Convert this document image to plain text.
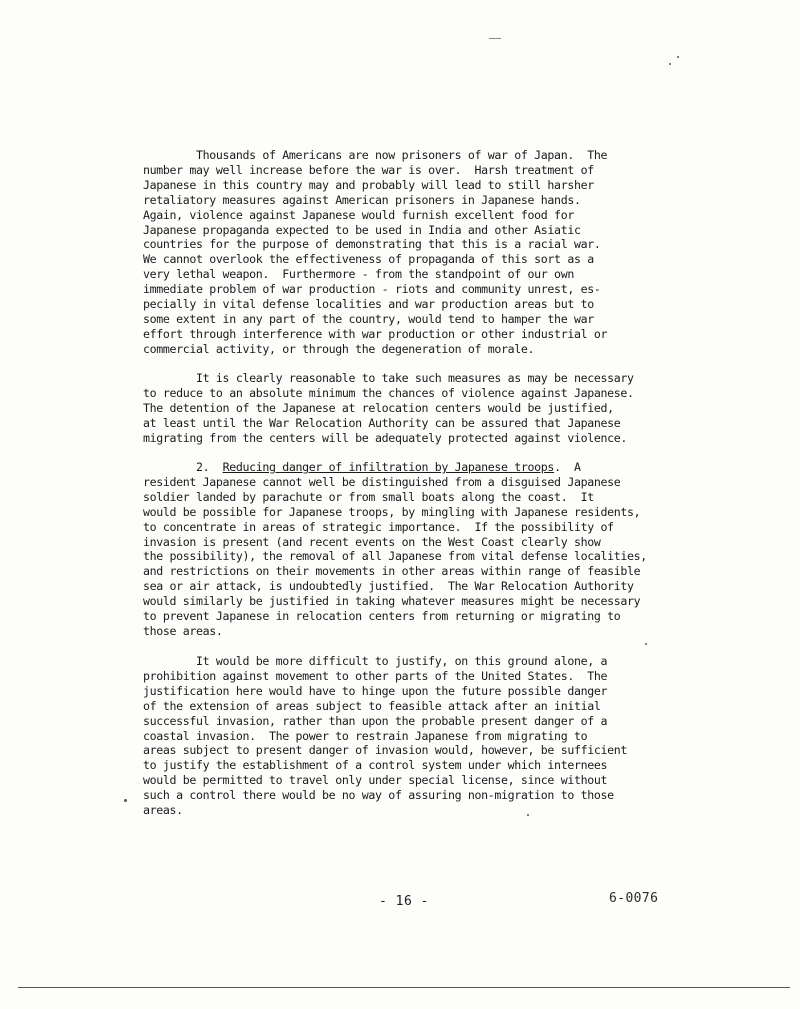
Thousands of Americans are now prisoners of war of Japan.  The
number may well increase before the war is over.  Harsh treatment of
Japanese in this country may and probably will lead to still harsher
retaliatory measures against American prisoners in Japanese hands.
Again, violence against Japanese would furnish excellent food for
Japanese propaganda expected to be used in India and other Asiatic
countries for the purpose of demonstrating that this is a racial war.
We cannot overlook the effectiveness of propaganda of this sort as a
very lethal weapon.  Furthermore - from the standpoint of our own
immediate problem of war production - riots and community unrest, es-
pecially in vital defense localities and war production areas but to
some extent in any part of the country, would tend to hamper the war
effort through interference with war production or other industrial or
commercial activity, or through the degeneration of morale.
It is clearly reasonable to take such measures as may be necessary
to reduce to an absolute minimum the chances of violence against Japanese.
The detention of the Japanese at relocation centers would be justified,
at least until the War Relocation Authority can be assured that Japanese
migrating from the centers will be adequately protected against violence.
2.  Reducing danger of infiltration by Japanese troops.  A
resident Japanese cannot well be distinguished from a disguised Japanese
soldier landed by parachute or from small boats along the coast.  It
would be possible for Japanese troops, by mingling with Japanese residents,
to concentrate in areas of strategic importance.  If the possibility of
invasion is present (and recent events on the West Coast clearly show
the possibility), the removal of all Japanese from vital defense localities,
and restrictions on their movements in other areas within range of feasible
sea or air attack, is undoubtedly justified.  The War Relocation Authority
would similarly be justified in taking whatever measures might be necessary
to prevent Japanese in relocation centers from returning or migrating to
those areas.
It would be more difficult to justify, on this ground alone, a
prohibition against movement to other parts of the United States.  The
justification here would have to hinge upon the future possible danger
of the extension of areas subject to feasible attack after an initial
successful invasion, rather than upon the probable present danger of a
coastal invasion.  The power to restrain Japanese from migrating to
areas subject to present danger of invasion would, however, be sufficient
to justify the establishment of a control system under which internees
would be permitted to travel only under special license, since without
such a control there would be no way of assuring non-migration to those
areas.
- 16 -	6-0076
